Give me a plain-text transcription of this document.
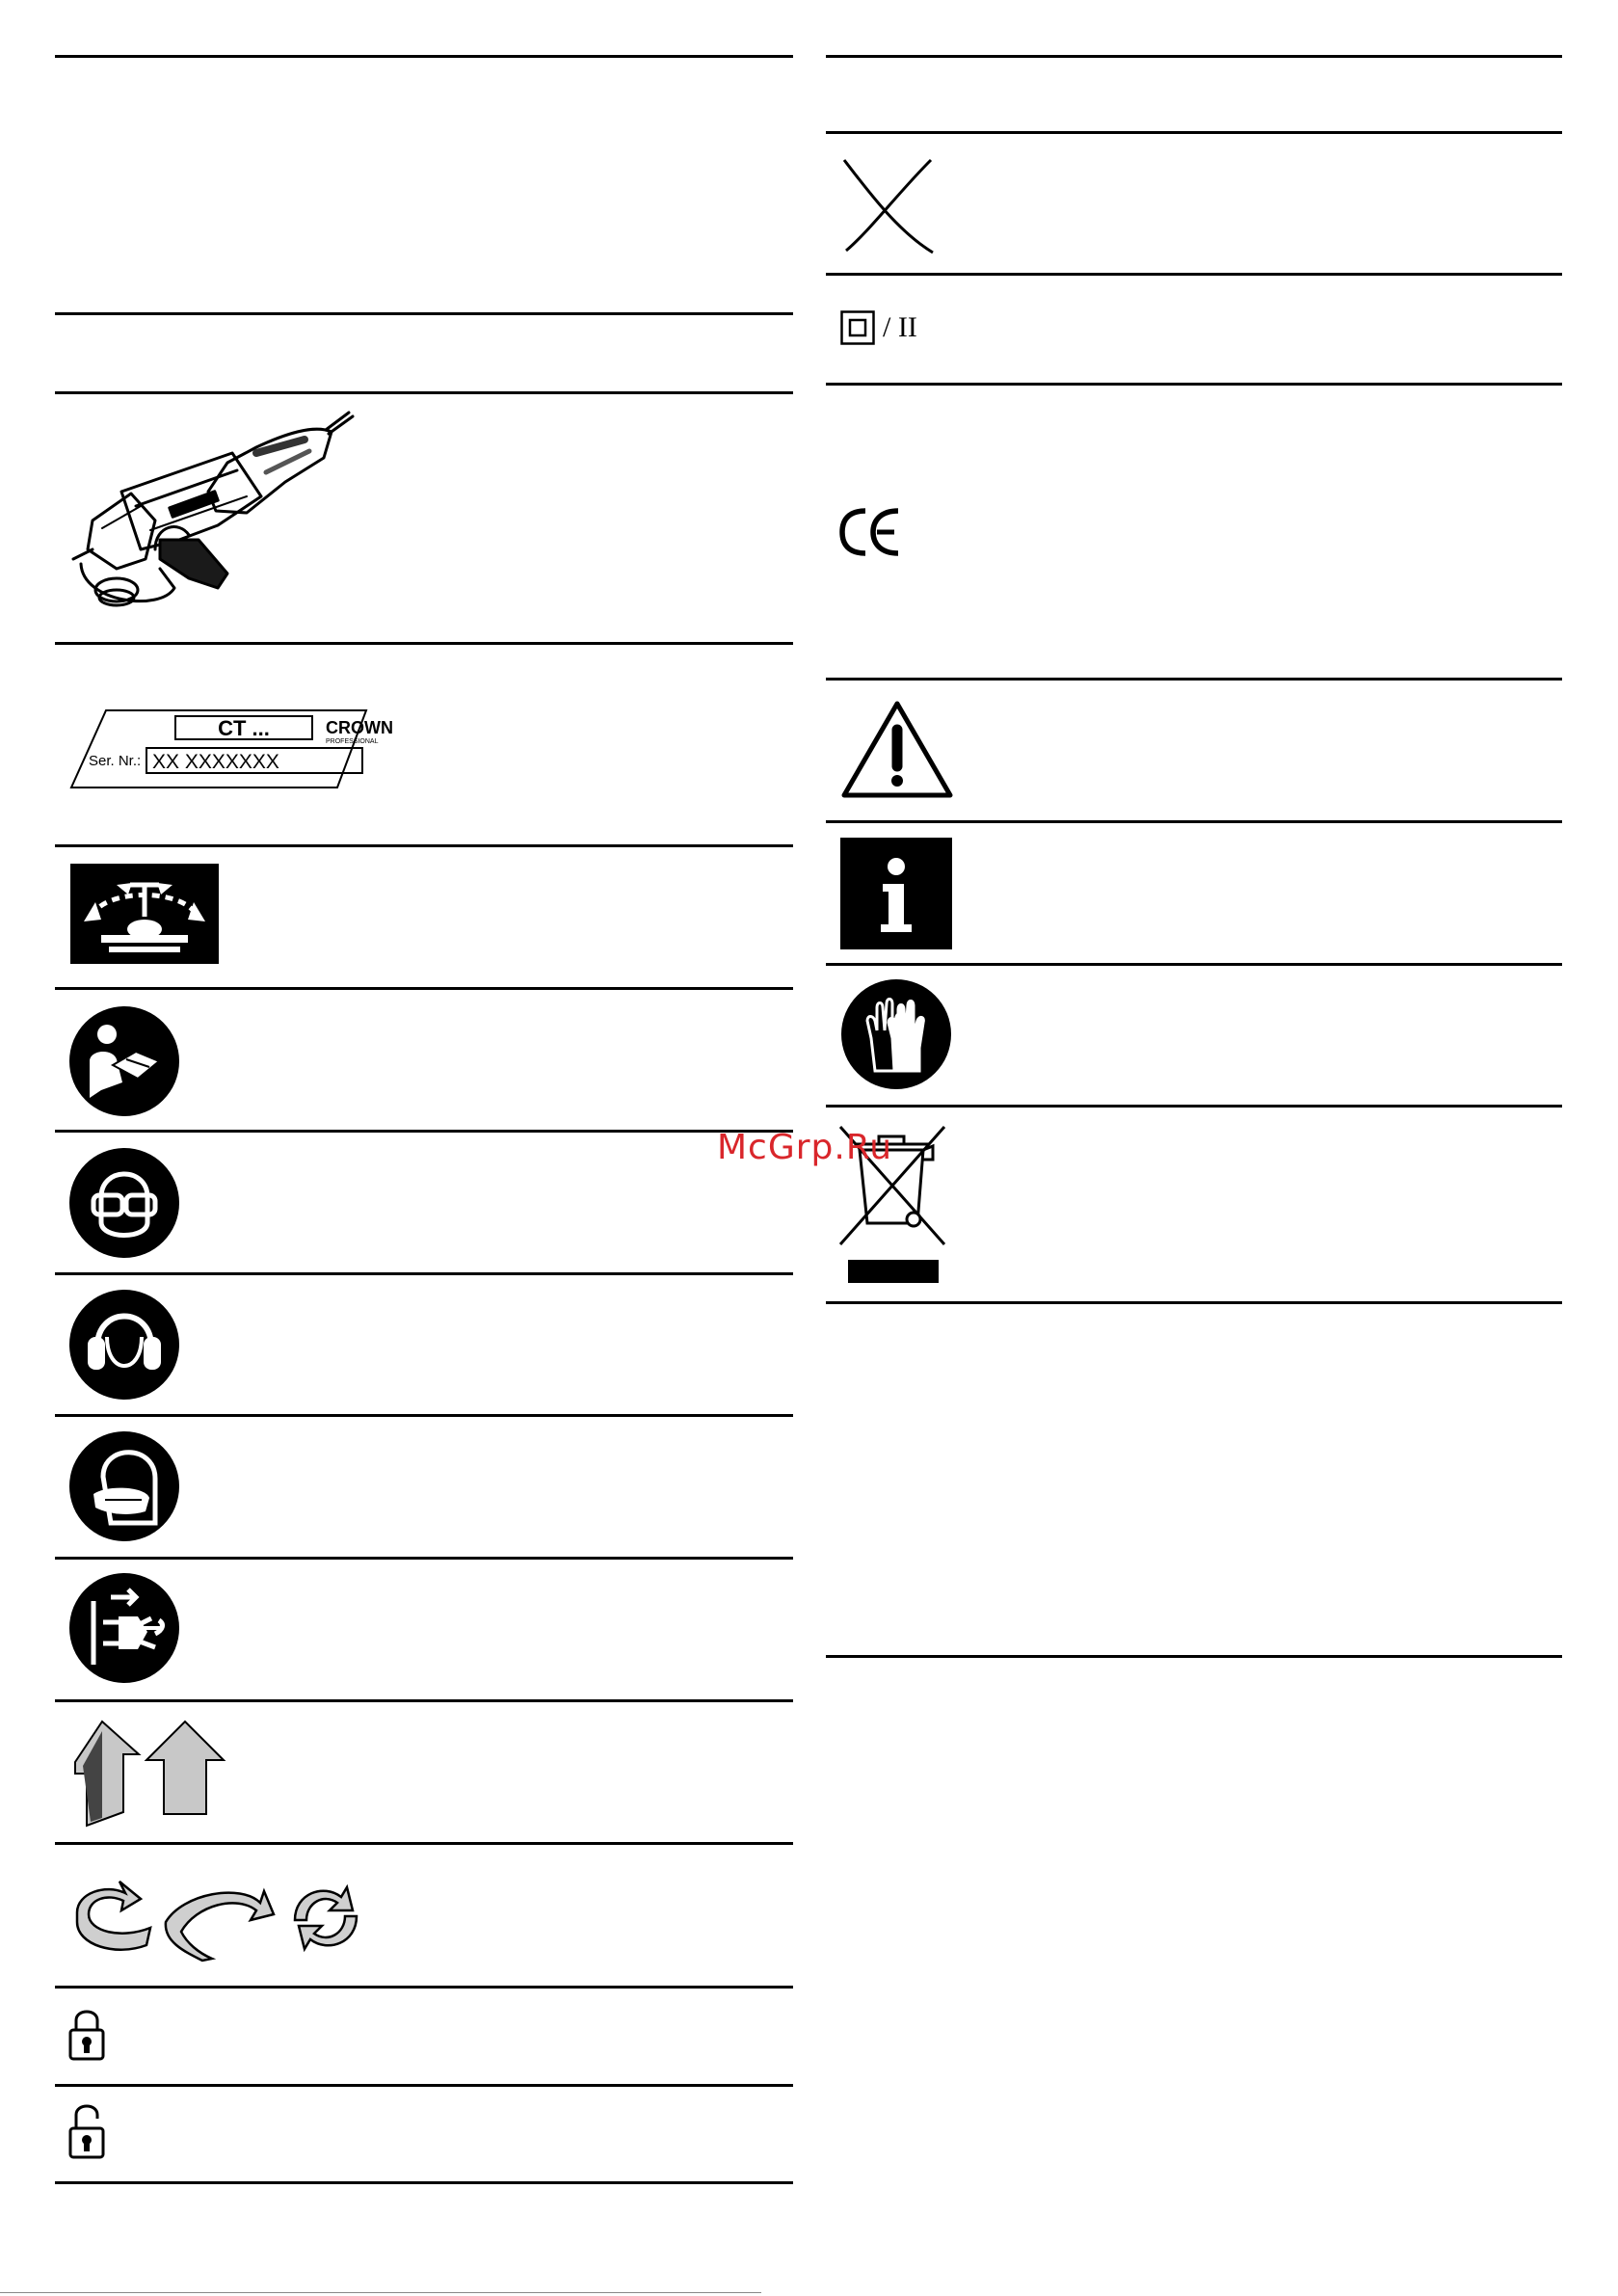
CT ...	CROWN
PROFESSIONAL
Ser. Nr.: XX XXXXXXX
/ II
McGrp.Ru
